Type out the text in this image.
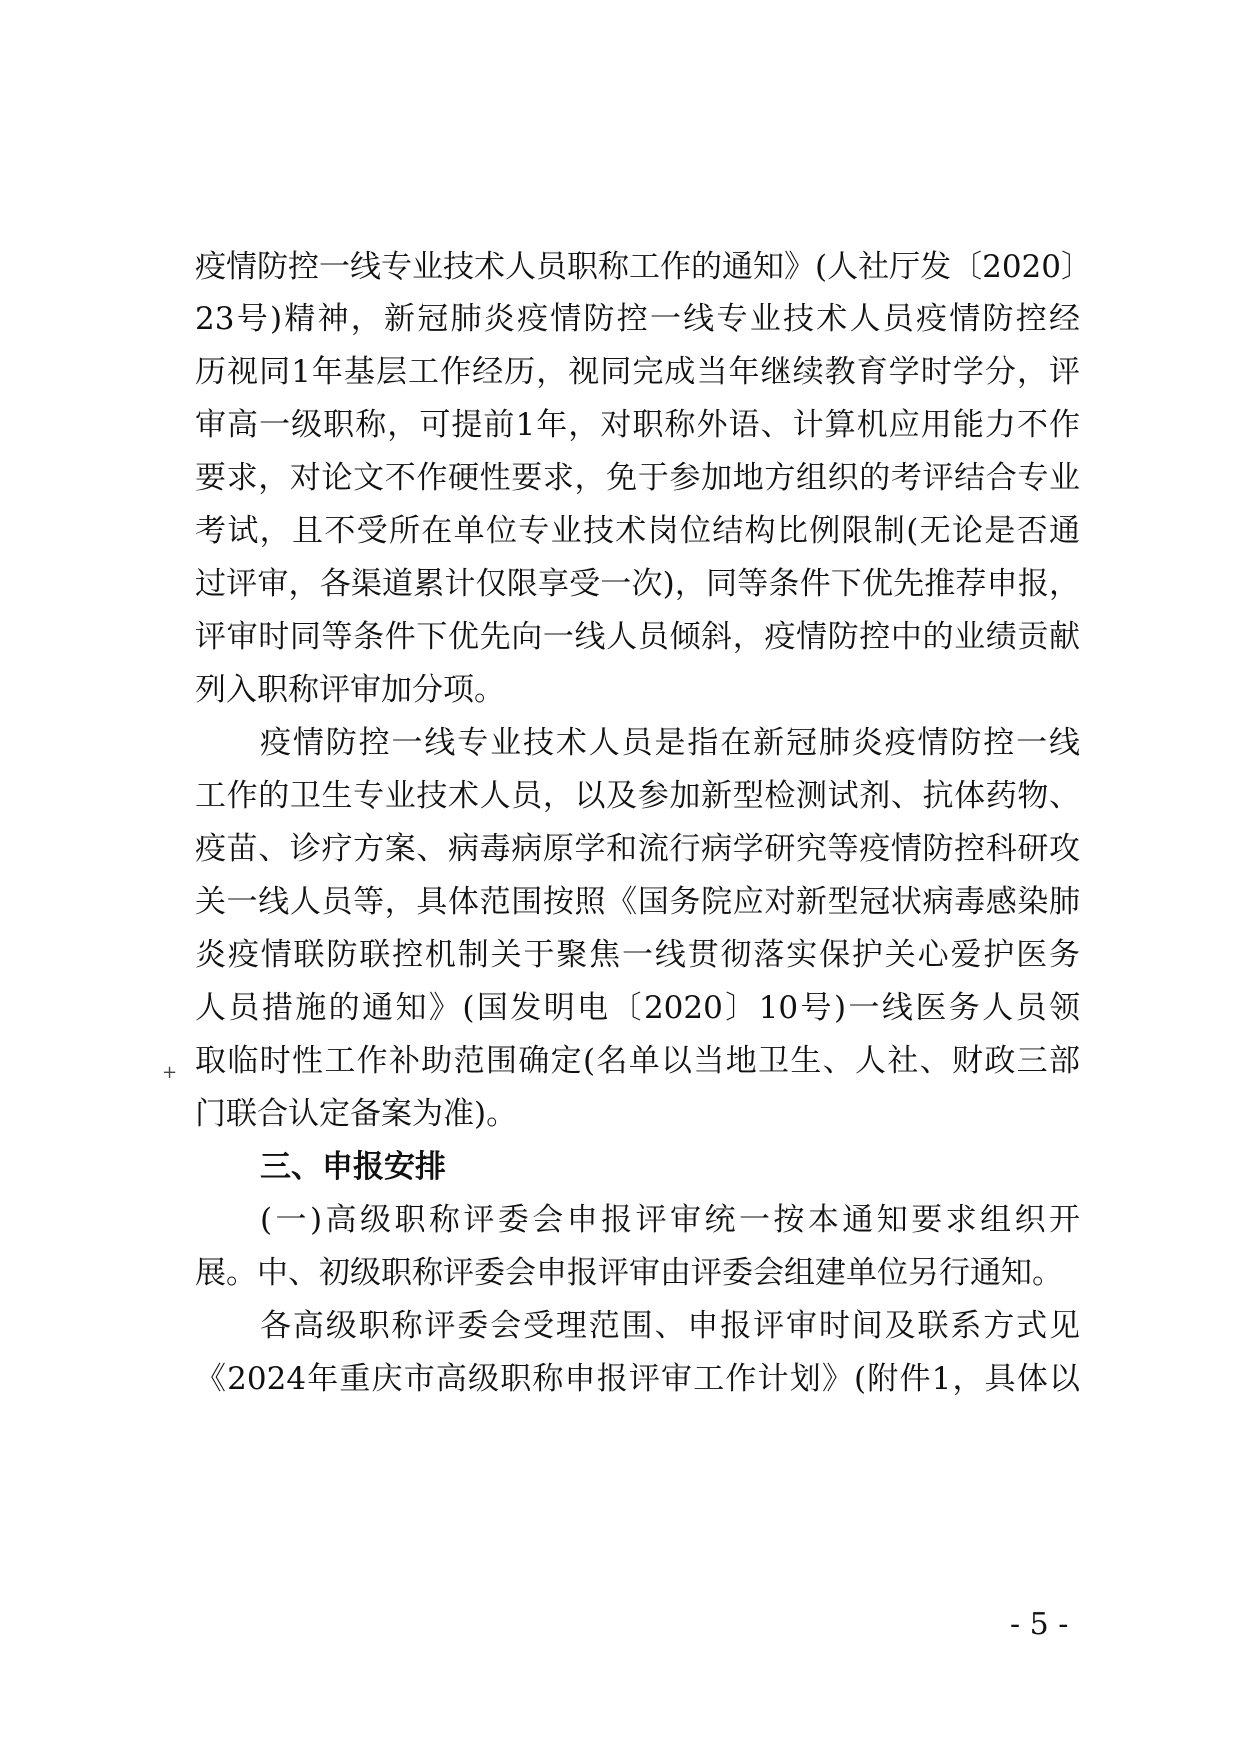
疫情防控一线专业技术人员职称工作的通知》(人社厅发〔2020〕
23号)精神，新冠肺炎疫情防控一线专业技术人员疫情防控经
历视同1年基层工作经历，视同完成当年继续教育学时学分，评
审高一级职称，可提前1年，对职称外语、计算机应用能力不作
要求，对论文不作硬性要求，免于参加地方组织的考评结合专业
考试，且不受所在单位专业技术岗位结构比例限制(无论是否通
过评审，各渠道累计仅限享受一次)，同等条件下优先推荐申报，
评审时同等条件下优先向一线人员倾斜，疫情防控中的业绩贡献
列入职称评审加分项。
疫情防控一线专业技术人员是指在新冠肺炎疫情防控一线
工作的卫生专业技术人员，以及参加新型检测试剂、抗体药物、
疫苗、诊疗方案、病毒病原学和流行病学研究等疫情防控科研攻
关一线人员等，具体范围按照《国务院应对新型冠状病毒感染肺
炎疫情联防联控机制关于聚焦一线贯彻落实保护关心爱护医务
人员措施的通知》(国发明电〔2020〕10号)一线医务人员领
取临时性工作补助范围确定(名单以当地卫生、人社、财政三部
门联合认定备案为准)。
+
三、申报安排
(一)高级职称评委会申报评审统一按本通知要求组织开
展。中、初级职称评委会申报评审由评委会组建单位另行通知。
各高级职称评委会受理范围、申报评审时间及联系方式见
《2024年重庆市高级职称申报评审工作计划》(附件1，具体以
- 5 -
